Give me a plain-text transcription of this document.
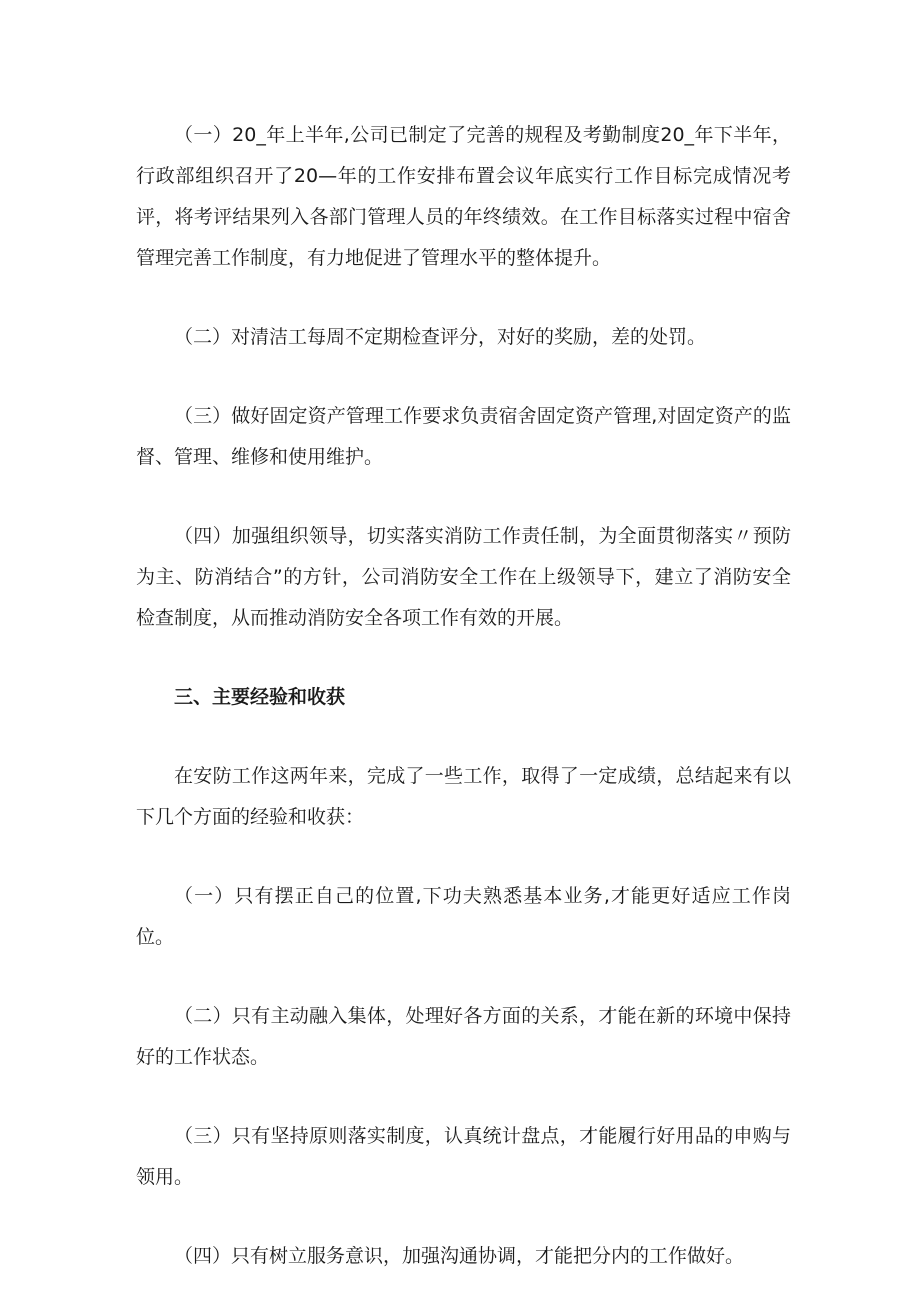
（一）20_年上半年,公司已制定了完善的规程及考勤制度20_年下半年，行政部组织召开了20—年的工作安排布置会议年底实行工作目标完成情况考评，将考评结果列入各部门管理人员的年终绩效。在工作目标落实过程中宿舍管理完善工作制度，有力地促进了管理水平的整体提升。

（二）对清洁工每周不定期检查评分，对好的奖励，差的处罚。

（三）做好固定资产管理工作要求负责宿舍固定资产管理,对固定资产的监督、管理、维修和使用维护。

（四）加强组织领导，切实落实消防工作责任制，为全面贯彻落实〃预防为主、防消结合”的方针，公司消防安全工作在上级领导下，建立了消防安全检查制度，从而推动消防安全各项工作有效的开展。

三、主要经验和收获

在安防工作这两年来，完成了一些工作，取得了一定成绩，总结起来有以下几个方面的经验和收获：

（一）只有摆正自己的位置,下功夫熟悉基本业务,才能更好适应工作岗位。

（二）只有主动融入集体，处理好各方面的关系，才能在新的环境中保持好的工作状态。

（三）只有坚持原则落实制度，认真统计盘点，才能履行好用品的申购与领用。

（四）只有树立服务意识，加强沟通协调，才能把分内的工作做好。
